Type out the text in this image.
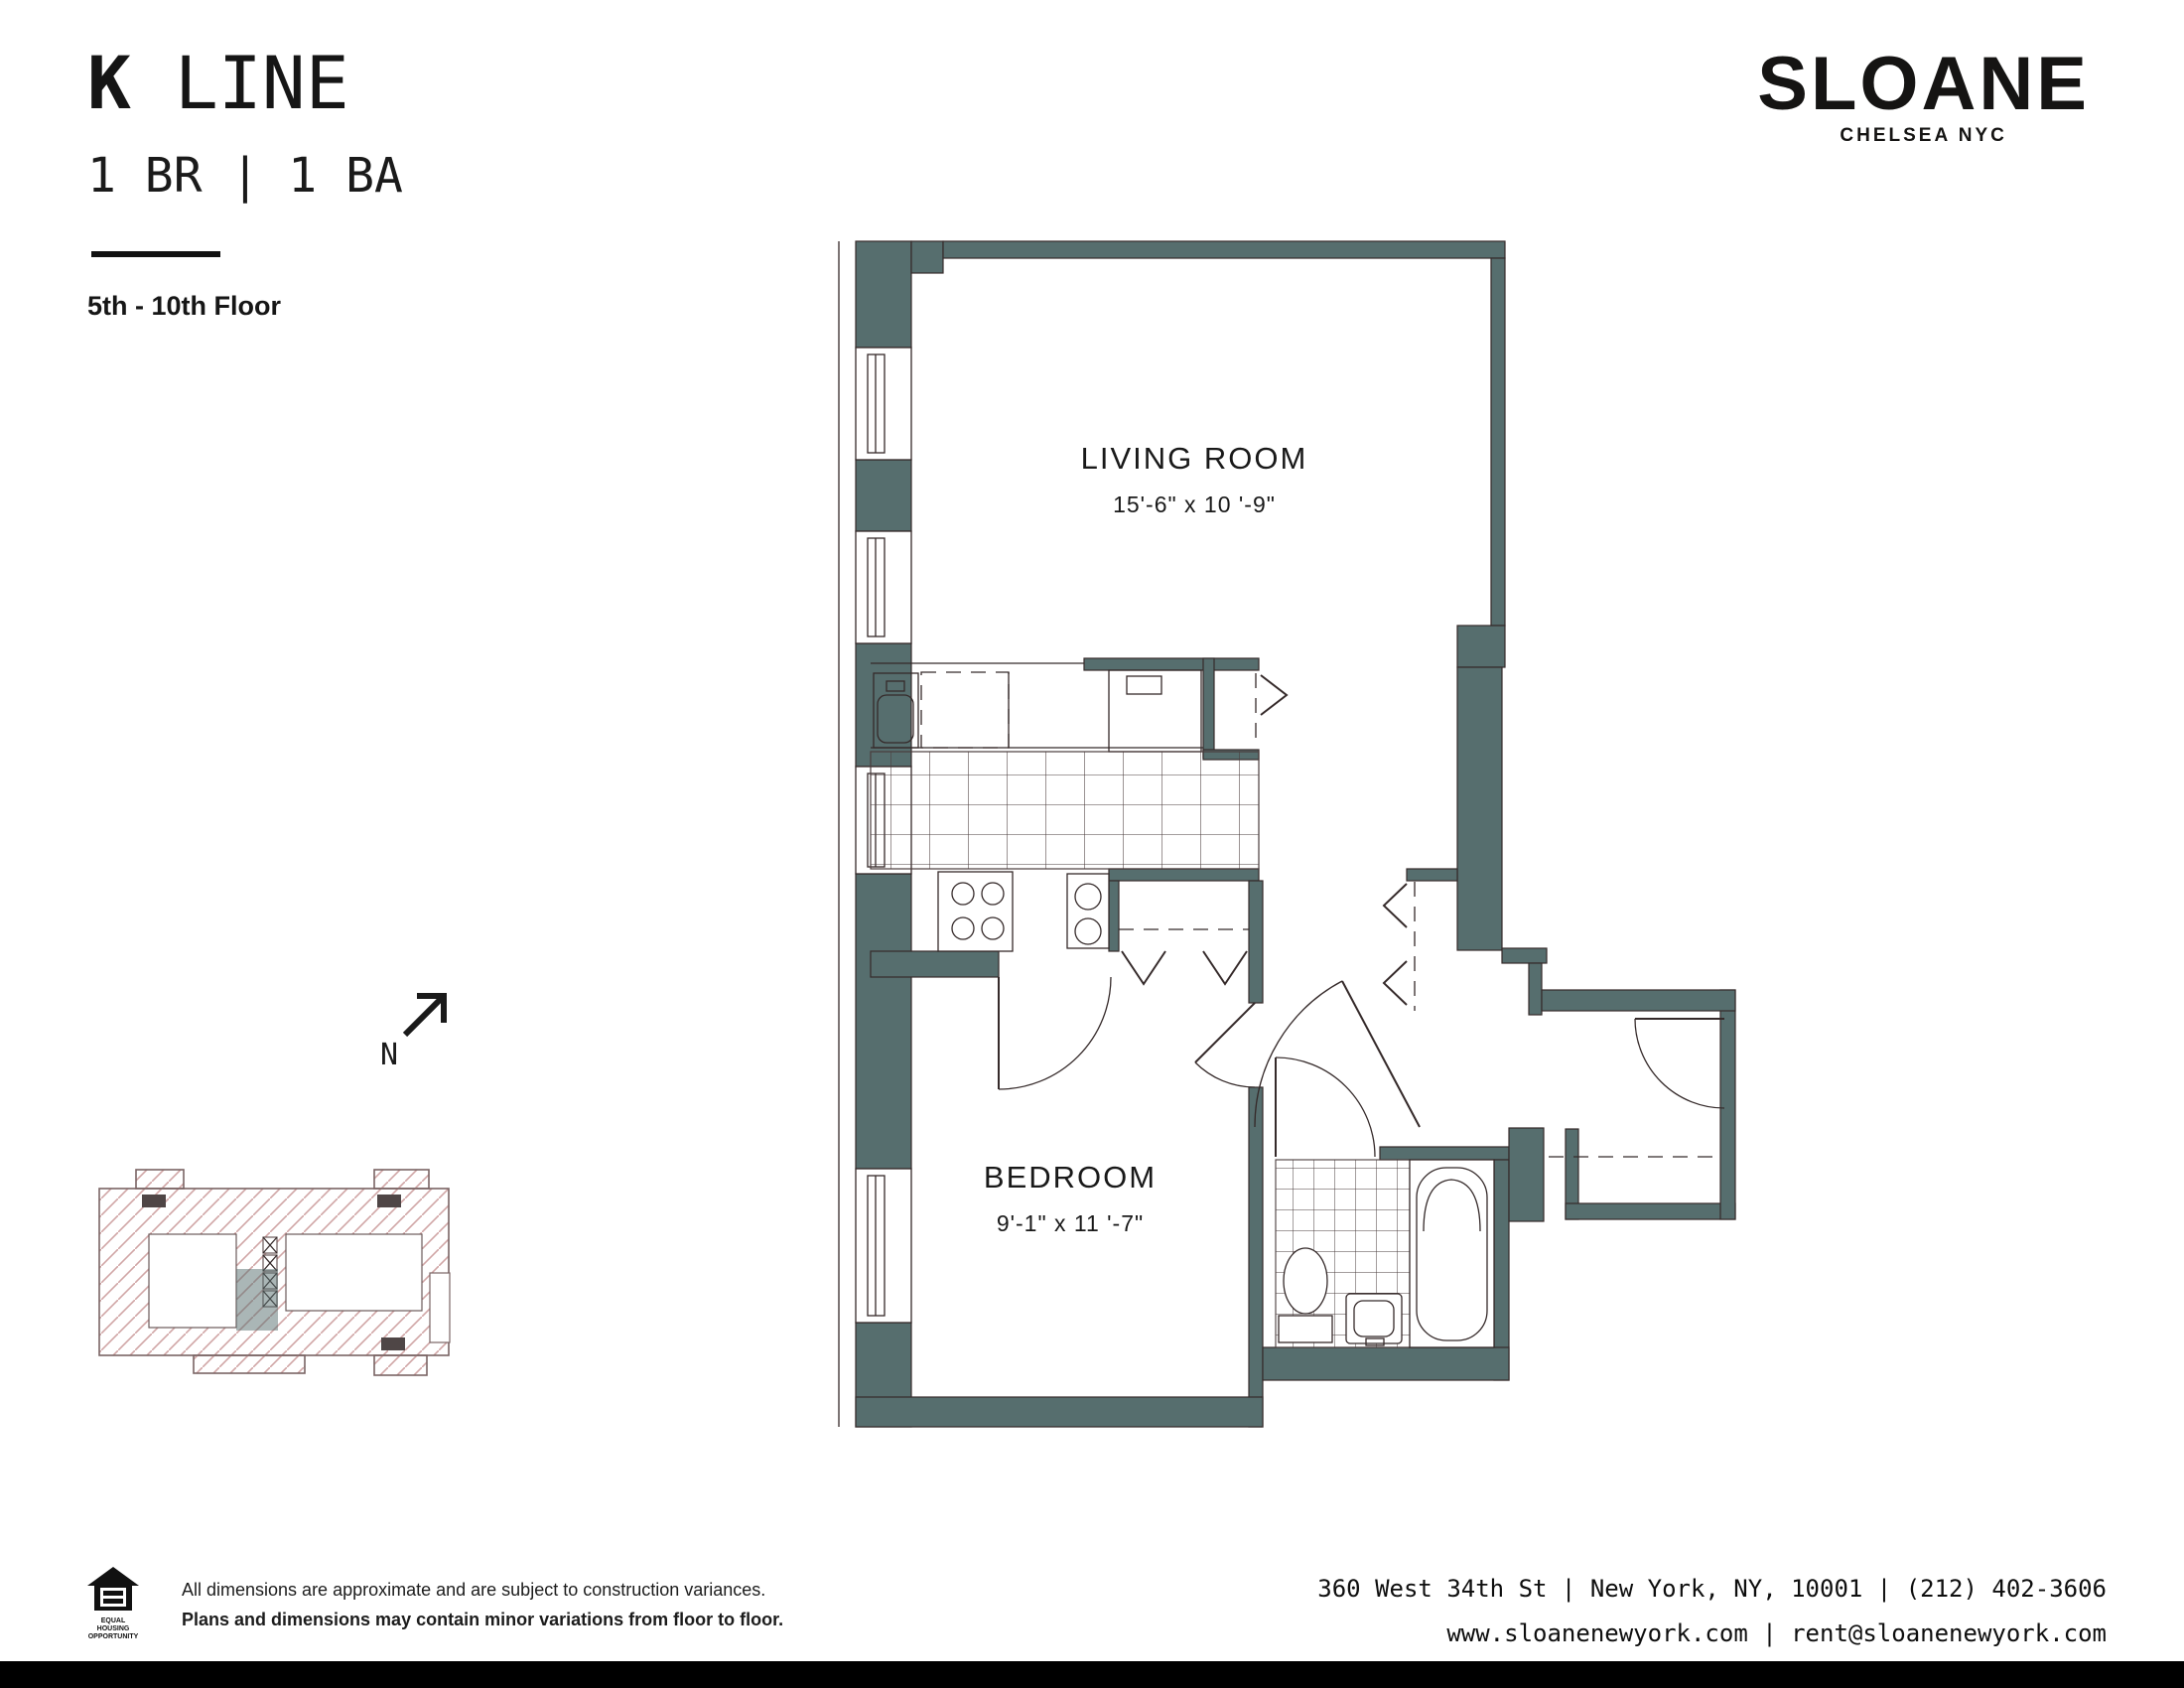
K LINE
1 BR | 1 BA
5th - 10th Floor
SLOANE
CHELSEA NYC
LIVING ROOM
15'-6" x 10 '-9"
BEDROOM
9'-1" x 11 '-7"
N
EQUAL HOUSING
OPPORTUNITY
All dimensions are approximate and are subject to construction variances.
Plans and dimensions may contain minor variations from floor to floor.
360 West 34th St | New York, NY, 10001 | (212) 402-3606
www.sloanenewyork.com | rent@sloanenewyork.com
